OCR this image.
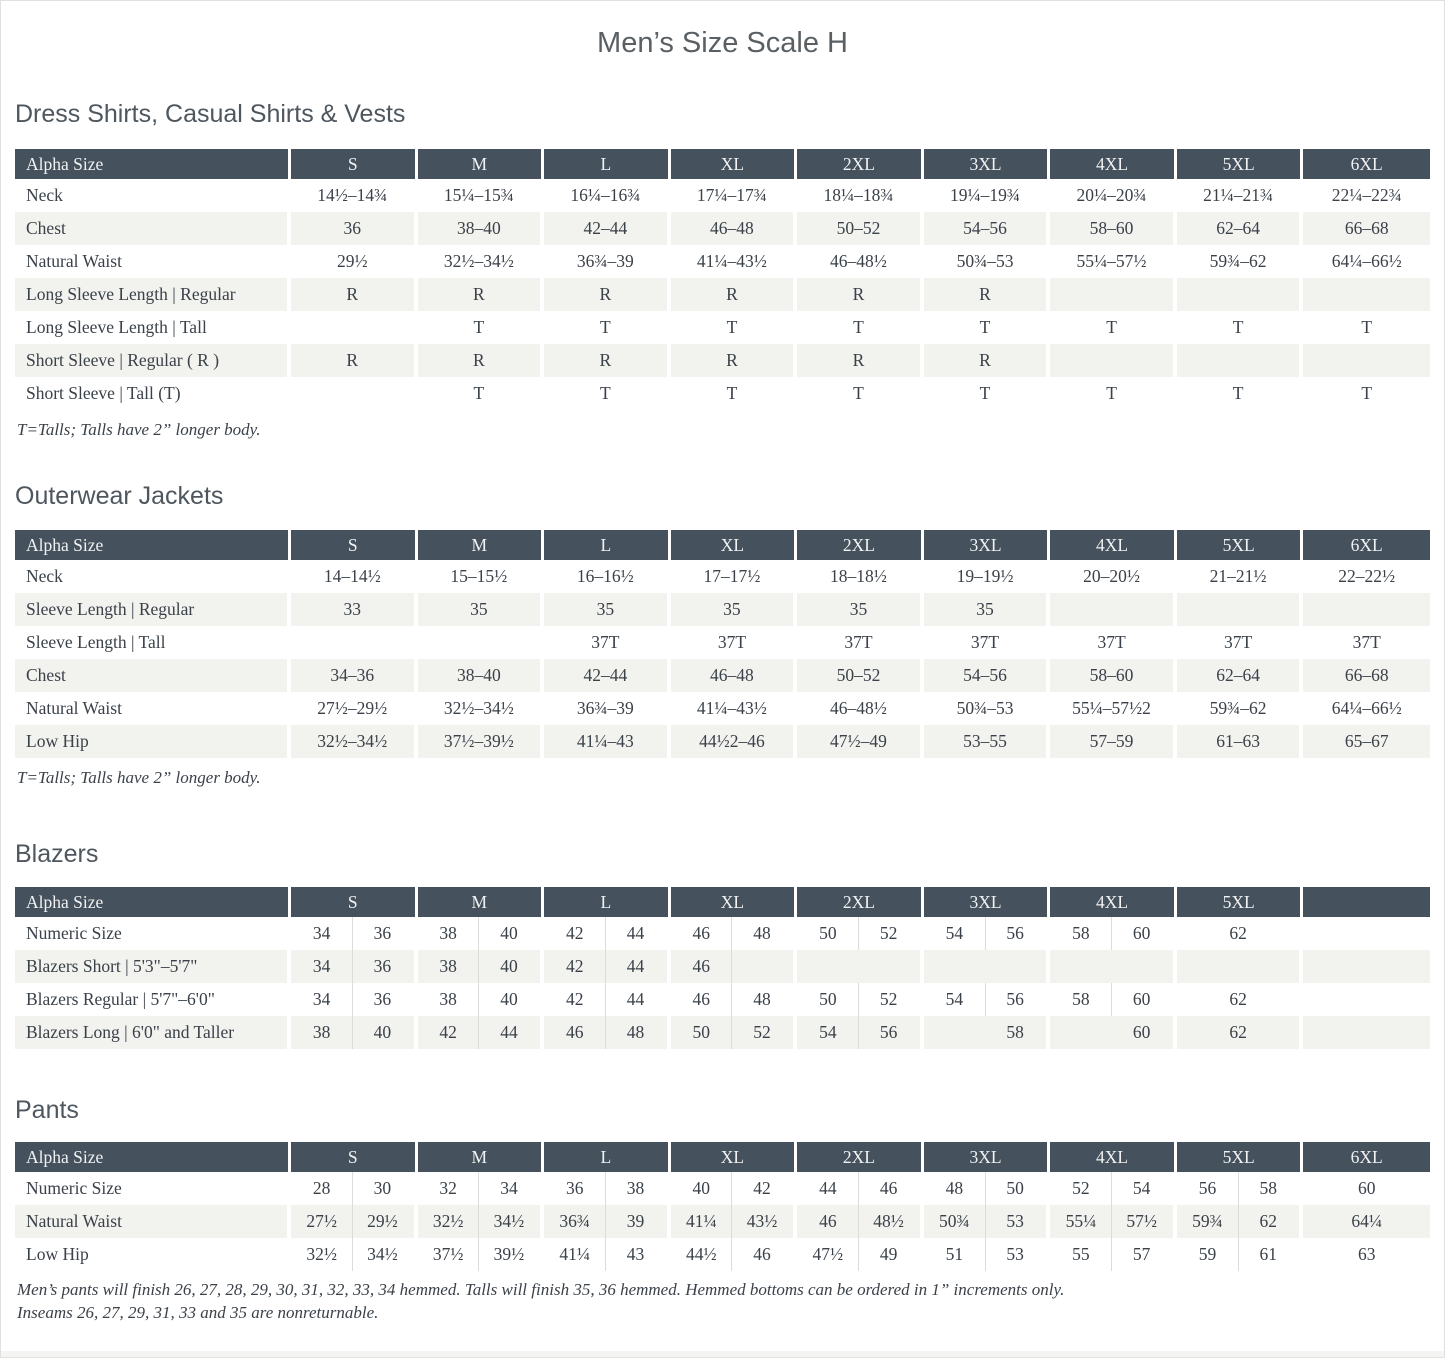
Men’s Size Scale H
Dress Shirts, Casual Shirts & Vests
Alpha Size	S	M	L	XL	2XL	3XL	4XL	5XL	6XL
Neck	14½–14¾	15¼–15¾	16¼–16¾	17¼–17¾	18¼–18¾	19¼–19¾	20¼–20¾	21¼–21¾	22¼–22¾
Chest	36	38–40	42–44	46–48	50–52	54–56	58–60	62–64	66–68
Natural Waist	29½	32½–34½	36¾–39	41¼–43½	46–48½	50¾–53	55¼–57½	59¾–62	64¼–66½
Long Sleeve Length | Regular	R	R	R	R	R	R			
Long Sleeve Length | Tall		T	T	T	T	T	T	T	T
Short Sleeve | Regular ( R )	R	R	R	R	R	R			
Short Sleeve | Tall (T)		T	T	T	T	T	T	T	T

T=Talls; Talls have 2” longer body.

Outerwear Jackets
Alpha Size	S	M	L	XL	2XL	3XL	4XL	5XL	6XL
Neck	14–14½	15–15½	16–16½	17–17½	18–18½	19–19½	20–20½	21–21½	22–22½
Sleeve Length | Regular	33	35	35	35	35	35			
Sleeve Length | Tall			37T	37T	37T	37T	37T	37T	37T
Chest	34–36	38–40	42–44	46–48	50–52	54–56	58–60	62–64	66–68
Natural Waist	27½–29½	32½–34½	36¾–39	41¼–43½	46–48½	50¾–53	55¼–57½2	59¾–62	64¼–66½
Low Hip	32½–34½	37½–39½	41¼–43	44½2–46	47½–49	53–55	57–59	61–63	65–67

T=Talls; Talls have 2” longer body.

Blazers
Alpha Size	S	M	L	XL	2XL	3XL	4XL	5XL	
Numeric Size	34 36	38 40	42 44	46 48	50 52	54 56	58 60	62	
Blazers Short | 5'3"–5'7"	34 36	38 40	42 44	46					
Blazers Regular | 5'7"–6'0"	34 36	38 40	42 44	46 48	50 52	54 56	58 60	62	
Blazers Long | 6'0" and Taller	38 40	42 44	46 48	50 52	54 56	58	60	62	
Pants
Alpha Size	S	M	L	XL	2XL	3XL	4XL	5XL	6XL
Numeric Size	28 30	32 34	36 38	40 42	44 46	48 50	52 54	56 58	60
Natural Waist	27½ 29½	32½ 34½	36¾ 39	41¼ 43½	46 48½	50¾ 53	55¼ 57½	59¾ 62	64¼
Low Hip	32½ 34½	37½ 39½	41¼ 43	44½ 46	47½ 49	51 53	55 57	59 61	63

Men’s pants will finish 26, 27, 28, 29, 30, 31, 32, 33, 34 hemmed. Talls will finish 35, 36 hemmed. Hemmed bottoms can be ordered in 1” increments only.
Inseams 26, 27, 29, 31, 33 and 35 are nonreturnable.
